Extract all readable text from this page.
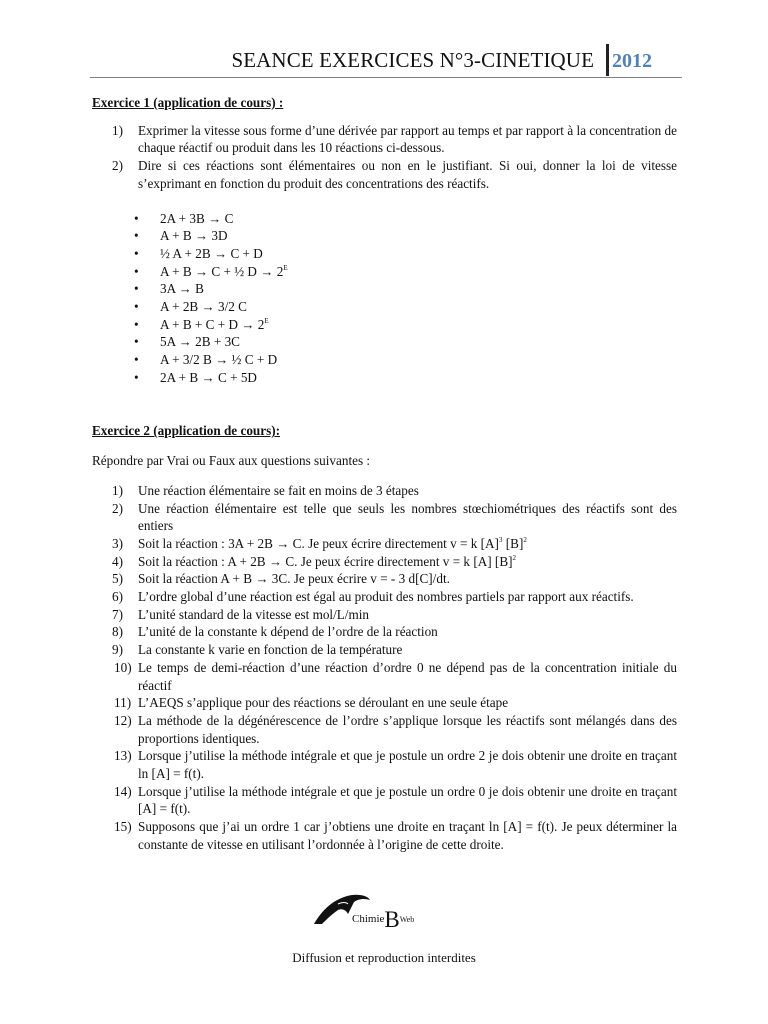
SEANCE EXERCICES N°3-CINETIQUE 2012

Exercice 1 (application de cours) :

1) Exprimer la vitesse sous forme d’une dérivée par rapport au temps et par rapport à la concentration de chaque réactif ou produit dans les 10 réactions ci-dessous.
2) Dire si ces réactions sont élémentaires ou non en le justifiant. Si oui, donner la loi de vitesse s’exprimant en fonction du produit des concentrations des réactifs.
• 2A + 3B → C
• A + B → 3D
• ½ A + 2B → C + D
• A + B → C + ½ $D \to 2^E$
• 3A → B
• A + 2B → 3/2 C
• $A + B + C + D \to 2^E$
• 5A → 2B + 3C
• A + 3/2 B → ½ C + D
• 2A + B → C + 5D

Exercice 2 (application de cours):

Répondre par Vrai ou Faux aux questions suivantes :

1) Une réaction élémentaire se fait en moins de 3 étapes
2) Une réaction élémentaire est telle que seuls les nombres stœchiométriques des réactifs sont des entiers
3) Soit la réaction : 3A + 2B → C. Je peux écrire directement v = k $[A]^3$ $[B]^2$
4) Soit la réaction : A + 2B → C. Je peux écrire directement v = k [A] $[B]^2$
5) Soit la réaction A + B → 3C. Je peux écrire v = - 3 d[C]/dt.
6) L’ordre global d’une réaction est égal au produit des nombres partiels par rapport aux réactifs.
7) L’unité standard de la vitesse est mol/L/min
8) L’unité de la constante k dépend de l’ordre de la réaction
9) La constante k varie en fonction de la température
10) Le temps de demi-réaction d’une réaction d’ordre 0 ne dépend pas de la concentration initiale du réactif
11) L’AEQS s’applique pour des réactions se déroulant en une seule étape
12) La méthode de la dégénérescence de l’ordre s’applique lorsque les réactifs sont mélangés dans des proportions identiques.
13) Lorsque j’utilise la méthode intégrale et que je postule un ordre 2 je dois obtenir une droite en traçant ln [A] = f(t).
14) Lorsque j’utilise la méthode intégrale et que je postule un ordre 0 je dois obtenir une droite en traçant [A] = f(t).
15) Supposons que j’ai un ordre 1 car j’obtiens une droite en traçant ln [A] = f(t). Je peux déterminer la constante de vitesse en utilisant l’ordonnée à l’origine de cette droite.
ChimieBWeb
Diffusion et reproduction interdites
